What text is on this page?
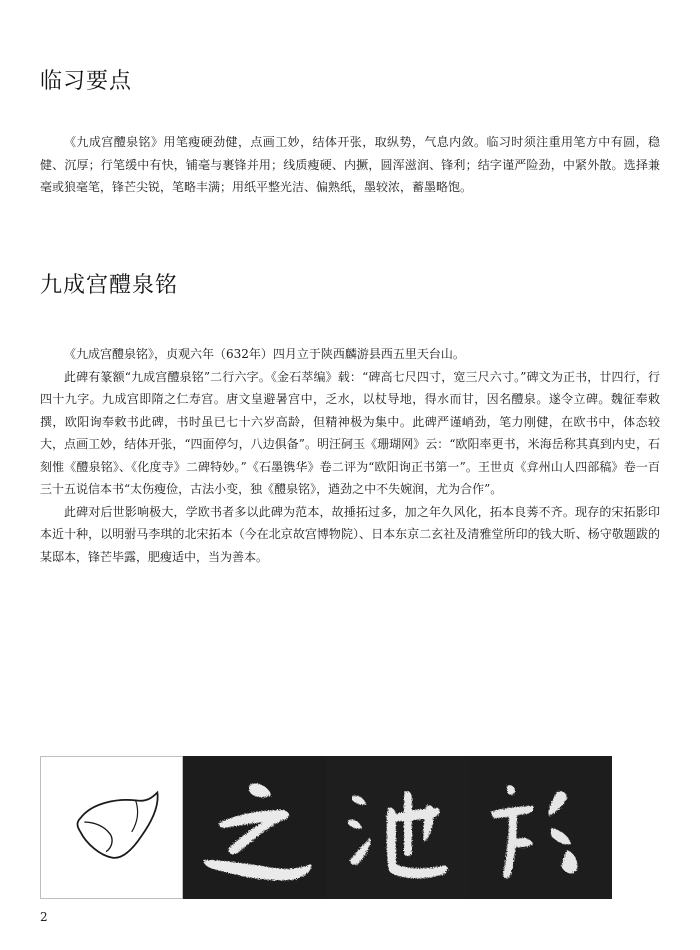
临习要点

《九成宫醴泉铭》用笔瘦硬劲健，点画工妙，结体开张，取纵势，气息内敛。临习时须注重用笔方中有圆，稳健、沉厚；行笔缓中有快，铺毫与裹锋并用；线质瘦硬、内撅，圆浑滋润、锋利；结字谨严险劲，中紧外散。选择兼毫或狼毫笔，锋芒尖锐，笔略丰满；用纸平整光洁、偏熟纸，墨较浓，蓄墨略饱。

九成宫醴泉铭

《九成宫醴泉铭》，贞观六年（632年）四月立于陕西麟游县西五里天台山。

此碑有篆额“九成宫醴泉铭”二行六字。《金石萃编》载：“碑高七尺四寸，宽三尺六寸。”碑文为正书，廿四行，行四十九字。九成宫即隋之仁寿宫。唐文皇避暑宫中，乏水，以杖导地，得水而甘，因名醴泉。遂令立碑。魏征奉敕撰，欧阳询奉敕书此碑，书时虽已七十六岁高龄，但精神极为集中。此碑严谨峭劲，笔力刚健，在欧书中，体态较大，点画工妙，结体开张，“四面停匀，八边俱备”。明汪砢玉《珊瑚网》云：“欧阳率更书，米海岳称其真到内史，石刻惟《醴泉铭》、《化度寺》二碑特妙。”《石墨镌华》卷二评为“欧阳询正书第一”。王世贞《弇州山人四部稿》卷一百三十五说信本书“太伤瘦俭，古法小变，独《醴泉铭》，遒劲之中不失婉润，尤为合作”。

此碑对后世影响极大，学欧书者多以此碑为范本，故捶拓过多，加之年久风化，拓本良莠不齐。现存的宋拓影印本近十种，以明驸马李琪的北宋拓本（今在北京故宫博物院）、日本东京二玄社及清雅堂所印的钱大昕、杨守敬题跋的某邸本，锋芒毕露，肥瘦适中，当为善本。

2
